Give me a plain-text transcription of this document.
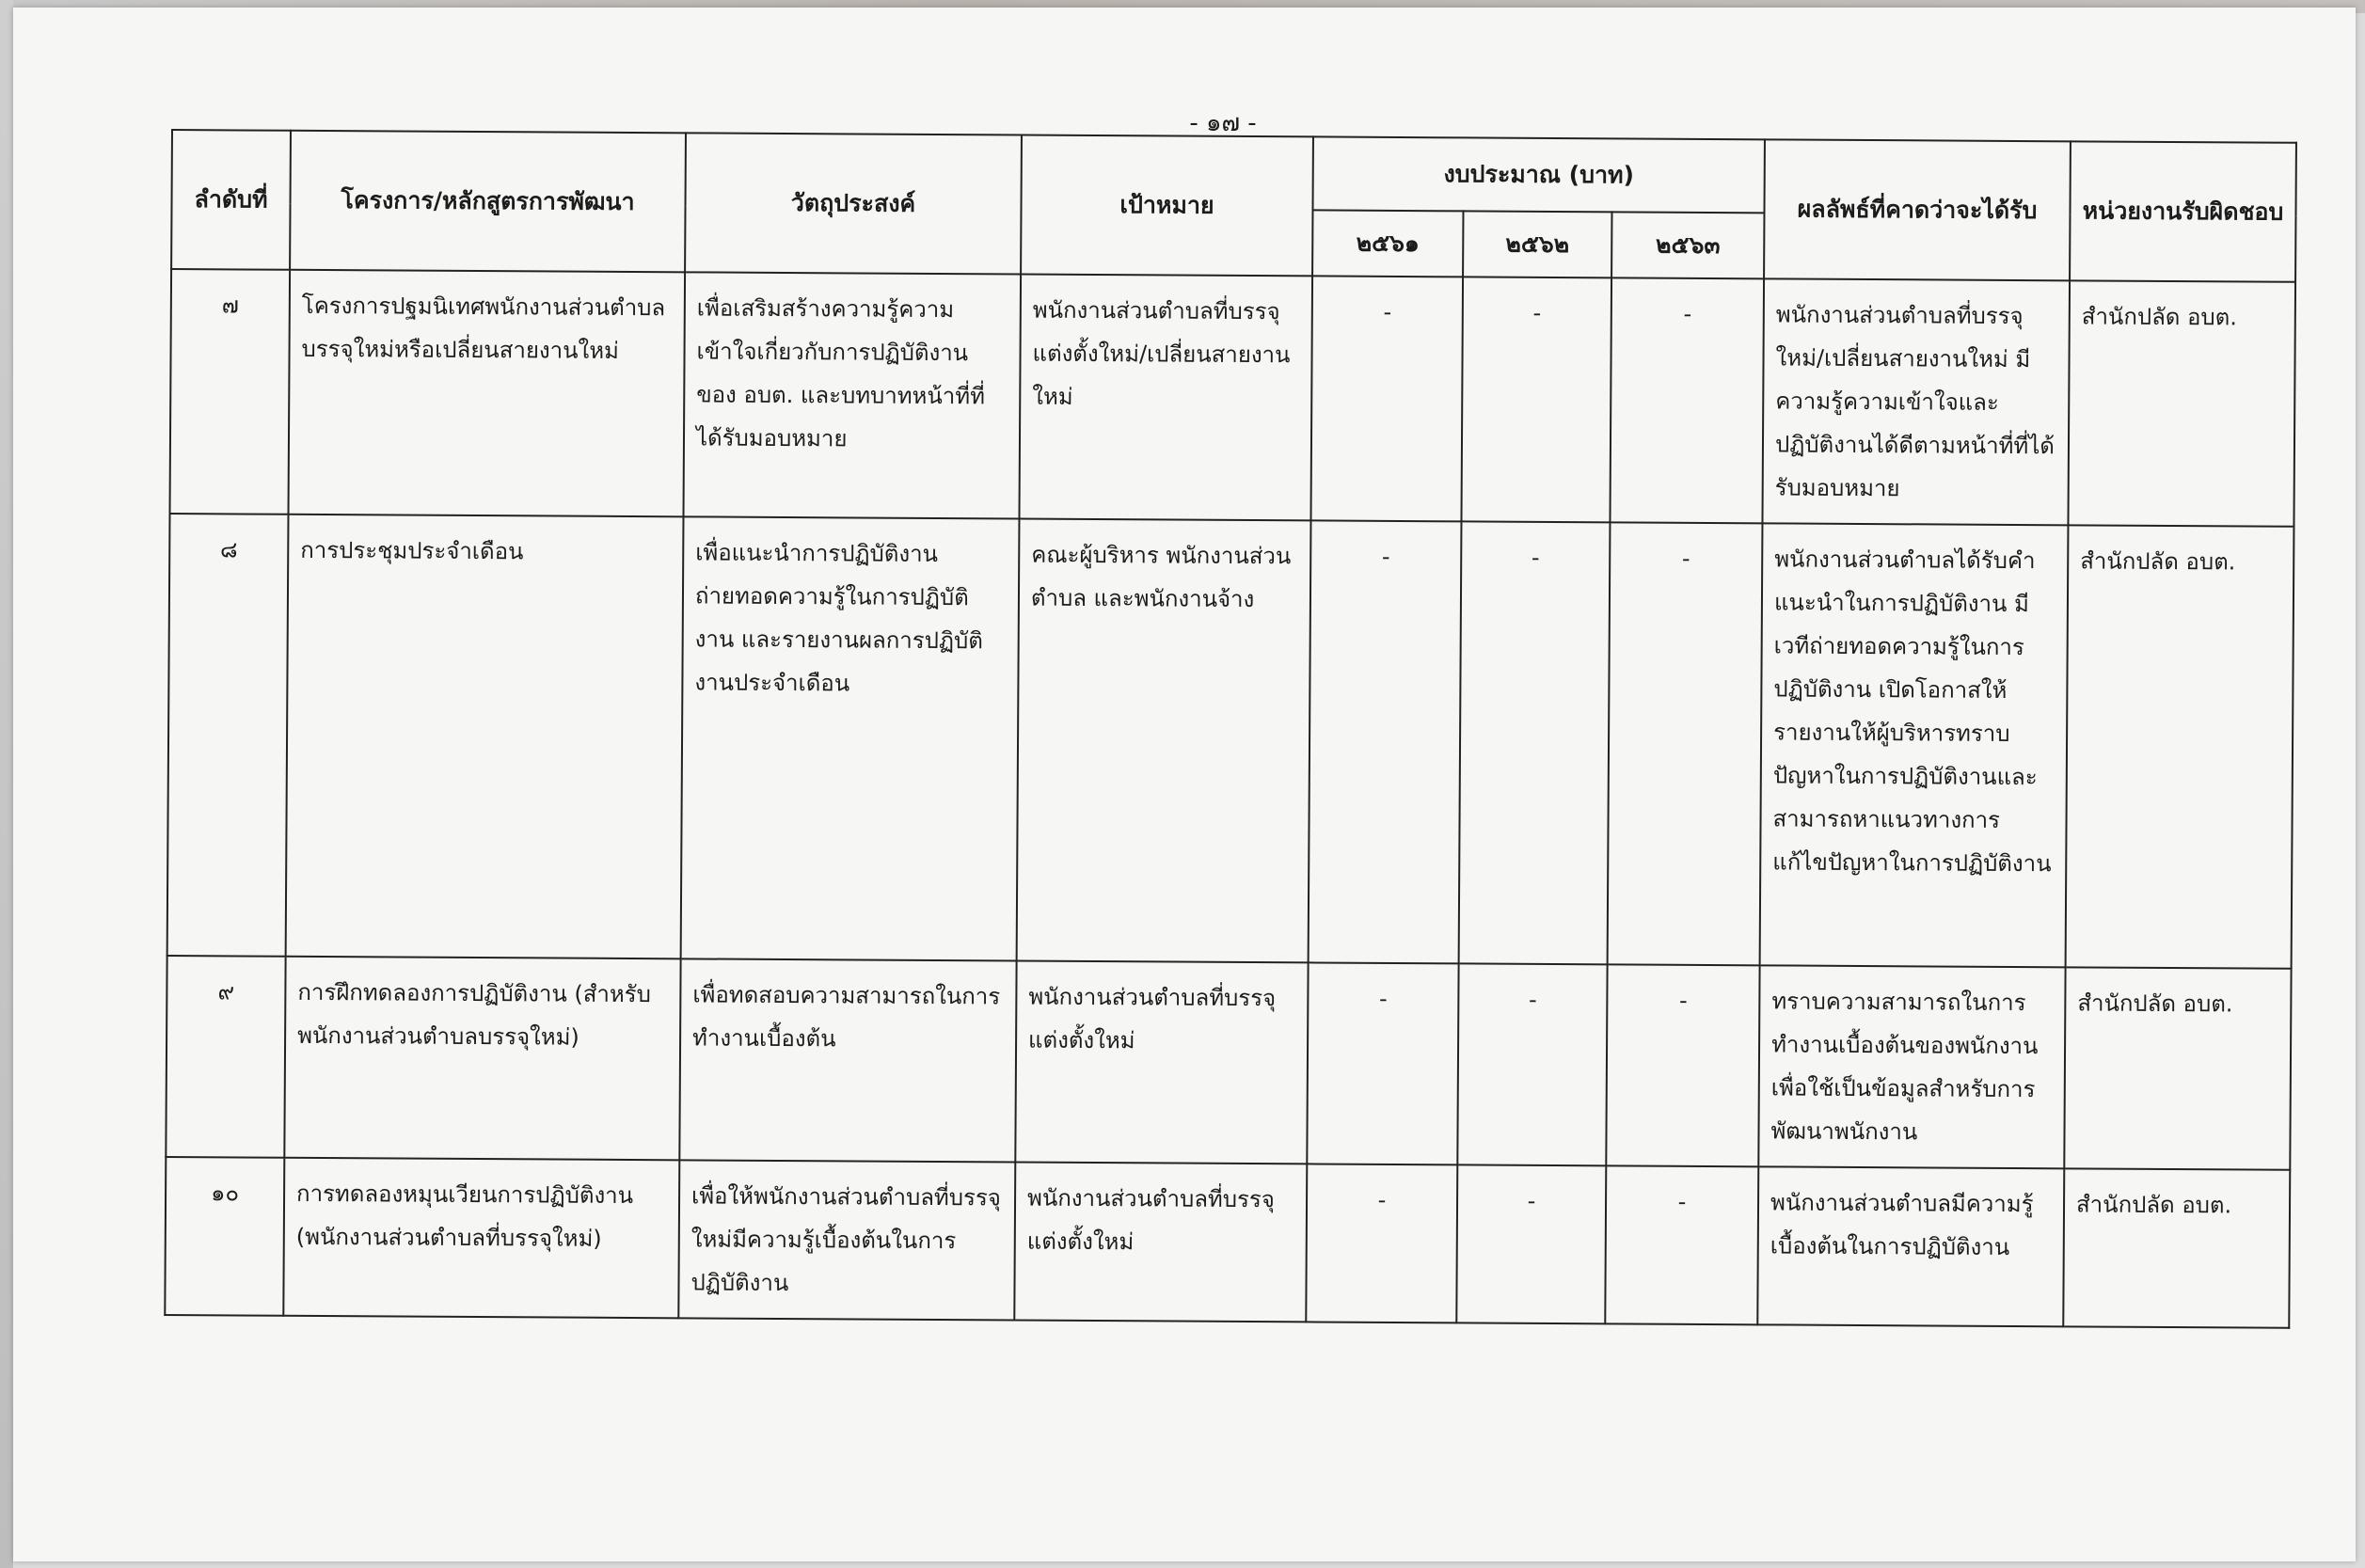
- ๑๗ -
ลำดับที่	โครงการ/หลักสูตรการพัฒนา	วัตถุประสงค์	เป้าหมาย	งบประมาณ (บาท)			ผลลัพธ์ที่คาดว่าจะได้รับ	หน่วยงานรับผิดชอบ
				๒๕๖๑	๒๕๖๒	๒๕๖๓		
๗	โครงการปฐมนิเทศพนักงานส่วนตำบลบรรจุใหม่หรือเปลี่ยนสายงานใหม่	เพื่อเสริมสร้างความรู้ความเข้าใจเกี่ยวกับการปฏิบัติงานของ อบต. และบทบาทหน้าที่ที่ได้รับมอบหมาย	พนักงานส่วนตำบลที่บรรจุแต่งตั้งใหม่/เปลี่ยนสายงานใหม่	-	-	-	พนักงานส่วนตำบลที่บรรจุใหม่/เปลี่ยนสายงานใหม่ มีความรู้ความเข้าใจและปฏิบัติงานได้ดีตามหน้าที่ที่ได้รับมอบหมาย	สำนักปลัด อบต.
๘	การประชุมประจำเดือน	เพื่อแนะนำการปฏิบัติงานถ่ายทอดความรู้ในการปฏิบัติงาน และรายงานผลการปฏิบัติงานประจำเดือน	คณะผู้บริหาร พนักงานส่วนตำบล และพนักงานจ้าง	-	-	-	พนักงานส่วนตำบลได้รับคำแนะนำในการปฏิบัติงาน มีเวทีถ่ายทอดความรู้ในการปฏิบัติงาน เปิดโอกาสให้รายงานให้ผู้บริหารทราบปัญหาในการปฏิบัติงานและสามารถหาแนวทางการแก้ไขปัญหาในการปฏิบัติงาน	สำนักปลัด อบต.
๙	การฝึกทดลองการปฏิบัติงาน (สำหรับพนักงานส่วนตำบลบรรจุใหม่)	เพื่อทดสอบความสามารถในการทำงานเบื้องต้น	พนักงานส่วนตำบลที่บรรจุแต่งตั้งใหม่	-	-	-	ทราบความสามารถในการทำงานเบื้องต้นของพนักงานเพื่อใช้เป็นข้อมูลสำหรับการพัฒนาพนักงาน	สำนักปลัด อบต.
๑๐	การทดลองหมุนเวียนการปฏิบัติงาน (พนักงานส่วนตำบลที่บรรจุใหม่)	เพื่อให้พนักงานส่วนตำบลที่บรรจุใหม่มีความรู้เบื้องต้นในการปฏิบัติงาน	พนักงานส่วนตำบลที่บรรจุแต่งตั้งใหม่	-	-	-	พนักงานส่วนตำบลมีความรู้เบื้องต้นในการปฏิบัติงาน	สำนักปลัด อบต.
